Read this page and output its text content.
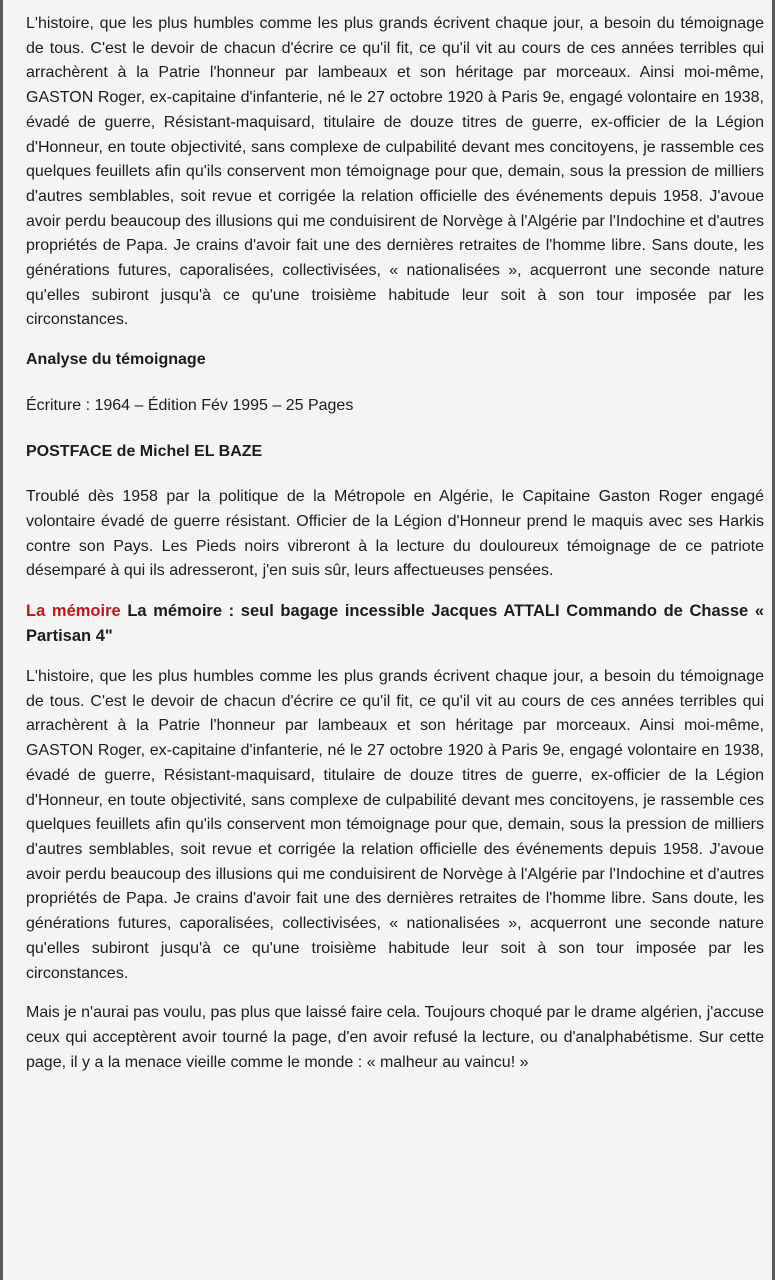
L'histoire, que les plus humbles comme les plus grands écrivent chaque jour, a besoin du témoignage de tous. C'est le devoir de chacun d'écrire ce qu'il fit, ce qu'il vit au cours de ces années terribles qui arrachèrent à la Patrie l'honneur par lambeaux et son héritage par morceaux. Ainsi moi-même, GASTON Roger, ex-capitaine d'infanterie, né le 27 octobre 1920 à Paris 9e, engagé volontaire en 1938, évadé de guerre, Résistant-maquisard, titulaire de douze titres de guerre, ex-officier de la Légion d'Honneur, en toute objectivité, sans complexe de culpabilité devant mes concitoyens, je rassemble ces quelques feuillets afin qu'ils conservent mon témoignage pour que, demain, sous la pression de milliers d'autres semblables, soit revue et corrigée la relation officielle des événements depuis 1958. J'avoue avoir perdu beaucoup des illusions qui me conduisirent de Norvège à l'Algérie par l'Indochine et d'autres propriétés de Papa. Je crains d'avoir fait une des dernières retraites de l'homme libre. Sans doute, les générations futures, caporalisées, collectivisées, « nationalisées », acquerront une seconde nature qu'elles subiront jusqu'à ce qu'une troisième habitude leur soit à son tour imposée par les circonstances.

Analyse du témoignage

Écriture : 1964 – Édition Fév 1995 – 25 Pages

POSTFACE de Michel EL BAZE

Troublé dès 1958 par la politique de la Métropole en Algérie, le Capitaine Gaston Roger engagé volontaire évadé de guerre résistant. Officier de la Légion d'Honneur prend le maquis avec ses Harkis contre son Pays. Les Pieds noirs vibreront à la lecture du douloureux témoignage de ce patriote désemparé à qui ils adresseront, j'en suis sûr, leurs affectueuses pensées.

La mémoire La mémoire : seul bagage incessible Jacques ATTALI Commando de Chasse « Partisan 4"

L'histoire, que les plus humbles comme les plus grands écrivent chaque jour, a besoin du témoignage de tous. C'est le devoir de chacun d'écrire ce qu'il fit, ce qu'il vit au cours de ces années terribles qui arrachèrent à la Patrie l'honneur par lambeaux et son héritage par morceaux. Ainsi moi-même, GASTON Roger, ex-capitaine d'infanterie, né le 27 octobre 1920 à Paris 9e, engagé volontaire en 1938, évadé de guerre, Résistant-maquisard, titulaire de douze titres de guerre, ex-officier de la Légion d'Honneur, en toute objectivité, sans complexe de culpabilité devant mes concitoyens, je rassemble ces quelques feuillets afin qu'ils conservent mon témoignage pour que, demain, sous la pression de milliers d'autres semblables, soit revue et corrigée la relation officielle des événements depuis 1958. J'avoue avoir perdu beaucoup des illusions qui me conduisirent de Norvège à l'Algérie par l'Indochine et d'autres propriétés de Papa. Je crains d'avoir fait une des dernières retraites de l'homme libre. Sans doute, les générations futures, caporalisées, collectivisées, « nationalisées », acquerront une seconde nature qu'elles subiront jusqu'à ce qu'une troisième habitude leur soit à son tour imposée par les circonstances.

Mais je n'aurai pas voulu, pas plus que laissé faire cela. Toujours choqué par le drame algérien, j'accuse ceux qui acceptèrent avoir tourné la page, d'en avoir refusé la lecture, ou d'analphabétisme. Sur cette page, il y a la menace vieille comme le monde : « malheur au vaincu! »
